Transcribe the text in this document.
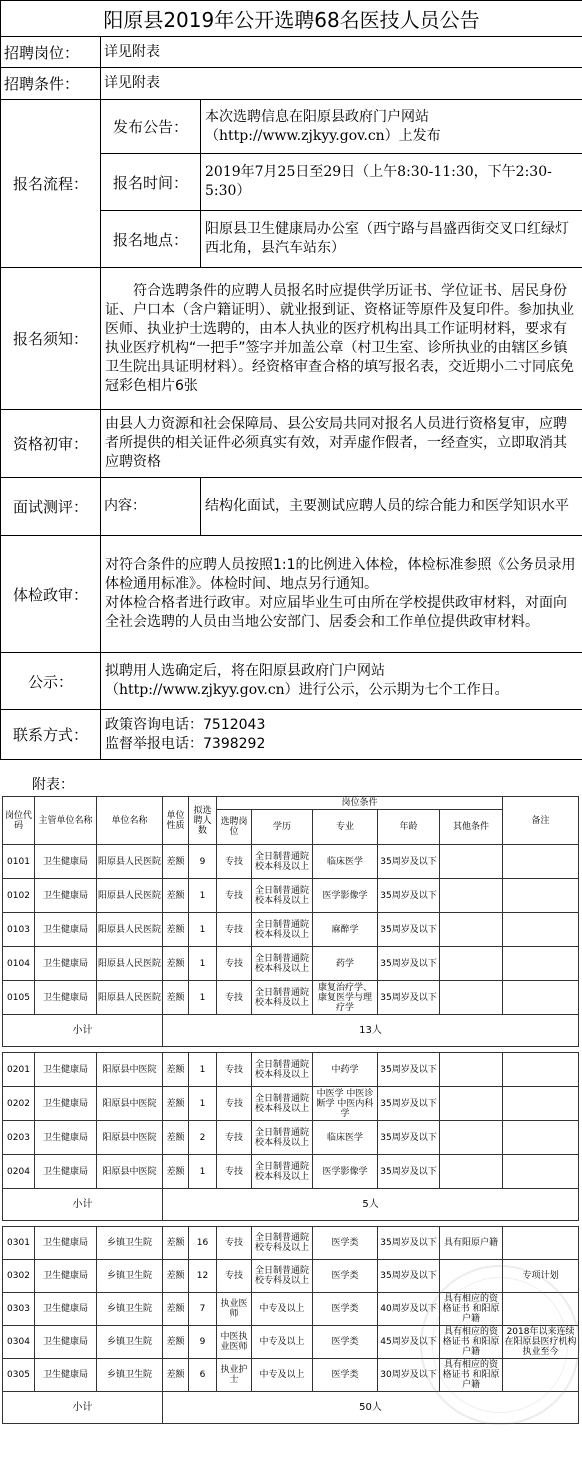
阳原县2019年公开选聘68名医技人员公告		
招聘岗位：	详见附表	
招聘条件：	详见附表	
报名流程：	发布公告：	本次选聘信息在阳原县政府门户网站
（http://www.zjkyy.gov.cn）上发布

	报名时间：	2019年7月25日至29日（上午8:30-11:30，下午2:30-5:30）
	报名地点：	阳原县卫生健康局办公室（西宁路与昌盛西街交叉口红绿灯西北角，县汽车站东）
报名须知：	符合选聘条件的应聘人员报名时应提供学历证书、学位证书、居民身份证、户口本（含户籍证明）、就业报到证、资格证等原件及复印件。参加执业医师、执业护士选聘的，由本人执业的医疗机构出具工作证明材料，要求有执业医疗机构“一把手”签字并加盖公章（村卫生室、诊所执业的由辖区乡镇卫生院出具证明材料）。经资格审查合格的填写报名表，交近期小二寸同底免冠彩色相片6张	
资格初审：	由县人力资源和社会保障局、县公安局共同对报名人员进行资格复审，应聘者所提供的相关证件必须真实有效，对弄虚作假者，一经查实，立即取消其应聘资格	
面试测评：	内容：	结构化面试，主要测试应聘人员的综合能力和医学知识水平
体检政审：	对符合条件的应聘人员按照1:1的比例进入体检，体检标准参照《公务员录用体检通用标准》。体检时间、地点另行通知。
对体检合格者进行政审。对应届毕业生可由所在学校提供政审材料，对面向全社会选聘的人员由当地公安部门、居委会和工作单位提供政审材料。	

公示：	拟聘用人选确定后，将在阳原县政府门户网站
（http://www.zjkyy.gov.cn）进行公示，公示期为七个工作日。	

联系方式：	政策咨询电话：7512043
监督举报电话：7398292	
附表：
岗位代码	主管单位名称	单位名称	单位性质	拟选聘人数	岗位条件					备注
					选聘岗位	学历	专业	年龄	其他条件	
0101	卫生健康局	阳原县人民医院	差额	9	专技	全日制普通院校本科及以上	临床医学	35周岁及以下		
0102	卫生健康局	阳原县人民医院	差额	1	专技	全日制普通院校本科及以上	医学影像学	35周岁及以下		
0103	卫生健康局	阳原县人民医院	差额	1	专技	全日制普通院校本科及以上	麻醉学	35周岁及以下		
0104	卫生健康局	阳原县人民医院	差额	1	专技	全日制普通院校本科及以上	药学	35周岁及以下		
0105	卫生健康局	阳原县人民医院	差额	1	专技	全日制普通院校本科及以上	康复治疗学、康复医学与理疗学	35周岁及以下		
小计			13人							

0201	卫生健康局	阳原县中医院	差额	1	专技	全日制普通院校本科及以上	中药学	35周岁及以下		
0202	卫生健康局	阳原县中医院	差额	1	专技	全日制普通院校本科及以上	中医学 中医诊断学 中医内科学	35周岁及以下		
0203	卫生健康局	阳原县中医院	差额	2	专技	全日制普通院校本科及以上	临床医学	35周岁及以下		
0204	卫生健康局	阳原县中医院	差额	1	专技	全日制普通院校本科及以上	医学影像学	35周岁及以下		
小计			5人							

0301	卫生健康局	乡镇卫生院	差额	16	专技	全日制普通院校专科及以上	医学类	35周岁及以下	具有阳原户籍	
0302	卫生健康局	乡镇卫生院	差额	12	专技	全日制普通院校专科及以上	医学类	35周岁及以下		专项计划
0303	卫生健康局	乡镇卫生院	差额	7	执业医师	中专及以上	医学类	40周岁及以下	具有相应的资格证书 和阳原户籍	
0304	卫生健康局	乡镇卫生院	差额	9	中医执业医师	中专及以上	医学类	45周岁及以下	具有相应的资格证书 和阳原户籍	2018年以来连续在阳原县医疗机构执业至今
0305	卫生健康局	乡镇卫生院	差额	6	执业护士	中专及以上	医学类	30周岁及以下	具有相应的资格证书 和阳原户籍	
小计			50人							
